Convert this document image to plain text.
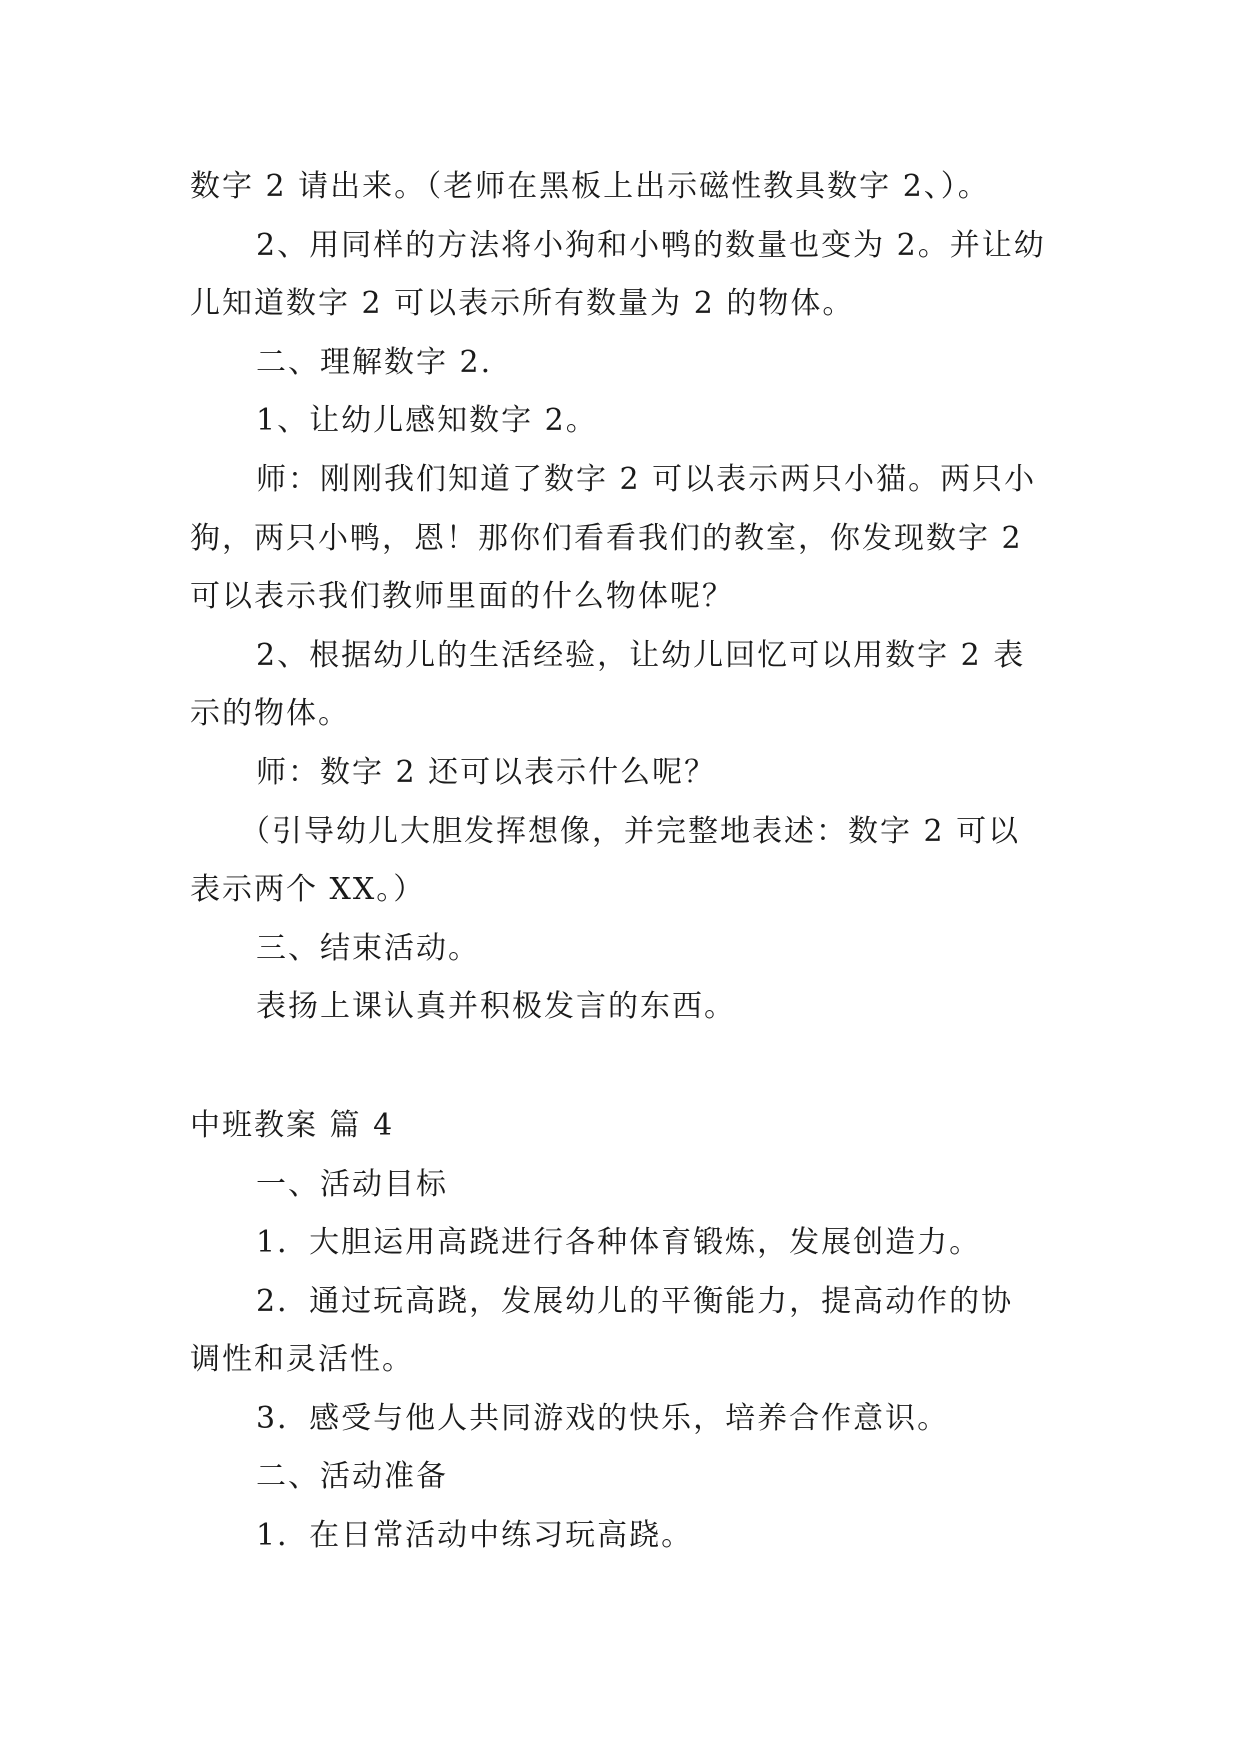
数字 2 请出来。（老师在黑板上出示磁性教具数字 2、）。
2、用同样的方法将小狗和小鸭的数量也变为 2。并让幼
儿知道数字 2 可以表示所有数量为 2 的物体。
二、理解数字 2.
1、让幼儿感知数字 2。
师：刚刚我们知道了数字 2 可以表示两只小猫。两只小
狗，两只小鸭，恩！那你们看看我们的教室，你发现数字 2
可以表示我们教师里面的什么物体呢？
2、根据幼儿的生活经验，让幼儿回忆可以用数字 2 表
示的物体。
师：数字 2 还可以表示什么呢？
（引导幼儿大胆发挥想像，并完整地表述：数字 2 可以
表示两个 XX。）
三、结束活动。
表扬上课认真并积极发言的东西。
中班教案 篇 4
一、活动目标
1．大胆运用高跷进行各种体育锻炼，发展创造力。
2．通过玩高跷，发展幼儿的平衡能力，提高动作的协
调性和灵活性。
3．感受与他人共同游戏的快乐，培养合作意识。
二、活动准备
1．在日常活动中练习玩高跷。
